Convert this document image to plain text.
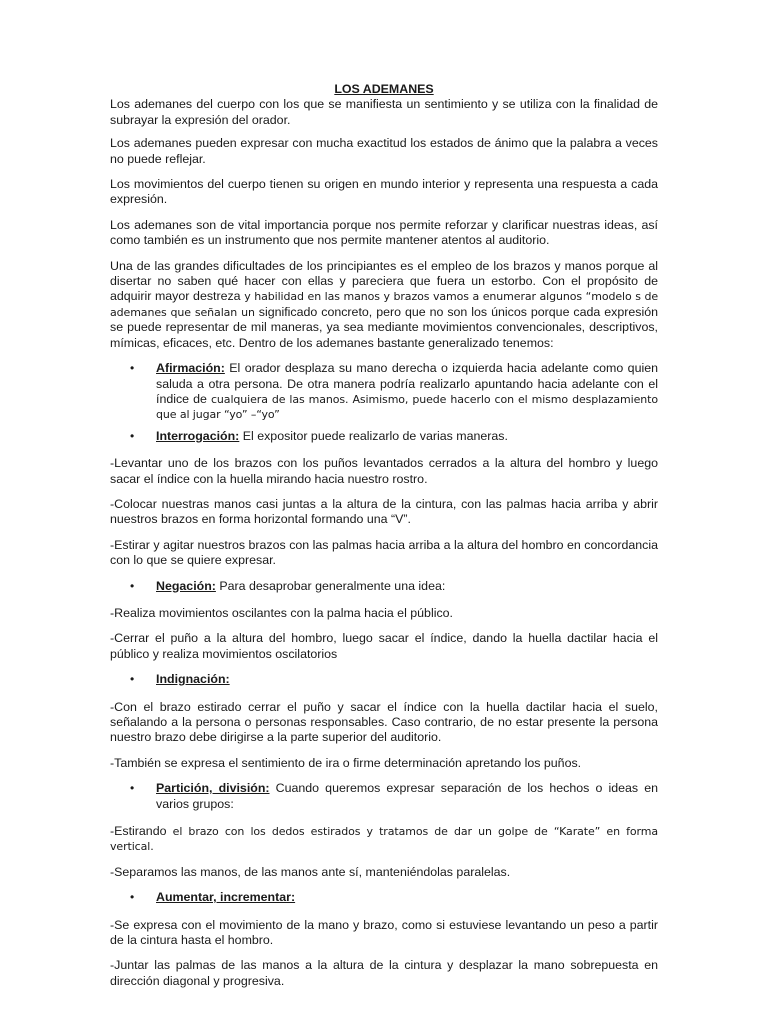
LOS ADEMANES

Los ademanes del cuerpo con los que se manifiesta un sentimiento y se utiliza con la finalidad de subrayar la expresión del orador.

Los ademanes pueden expresar con mucha exactitud los estados de ánimo que la palabra a veces no puede reflejar.

Los movimientos del cuerpo tienen su origen en mundo interior y representa una respuesta a cada expresión.

Los ademanes son de vital importancia porque nos permite reforzar y clarificar nuestras ideas, así como también es un instrumento que nos permite mantener atentos al auditorio.

Una de las grandes dificultades de los principiantes es el empleo de los brazos y manos porque al disertar no saben qué hacer con ellas y pareciera que fuera un estorbo. Con el propósito de adquirir mayor destreza y habilidad en las manos y brazos vamos a enumerar algunos “modelo s de ademanes que señalan un significado concreto, pero que no son los únicos porque cada expresión se puede representar de mil maneras, ya sea mediante movimientos convencionales, descriptivos, mímicas, eficaces, etc. Dentro de los ademanes bastante generalizado tenemos:

• Afirmación: El orador desplaza su mano derecha o izquierda hacia adelante como quien saluda a otra persona. De otra manera podría realizarlo apuntando hacia adelante con el índice de cualquiera de las manos. Asimismo, puede hacerlo con el mismo desplazamiento que al jugar “yo” –“yo”
• Interrogación: El expositor puede realizarlo de varias maneras.

-Levantar uno de los brazos con los puños levantados cerrados a la altura del hombro y luego sacar el índice con la huella mirando hacia nuestro rostro.

-Colocar nuestras manos casi juntas a la altura de la cintura, con las palmas hacia arriba y abrir nuestros brazos en forma horizontal formando una “V”.

-Estirar y agitar nuestros brazos con las palmas hacia arriba a la altura del hombro en concordancia con lo que se quiere expresar.

• Negación: Para desaprobar generalmente una idea:

-Realiza movimientos oscilantes con la palma hacia el público.

-Cerrar el puño a la altura del hombro, luego sacar el índice, dando la huella dactilar hacia el público y realiza movimientos oscilatorios

• Indignación:

-Con el brazo estirado cerrar el puño y sacar el índice con la huella dactilar hacia el suelo, señalando a la persona o personas responsables. Caso contrario, de no estar presente la persona nuestro brazo debe dirigirse a la parte superior del auditorio.

-También se expresa el sentimiento de ira o firme determinación apretando los puños.

• Partición, división: Cuando queremos expresar separación de los hechos o ideas en varios grupos:

-Estirando el brazo con los dedos estirados y tratamos de dar un golpe de “Karate” en forma vertical.

-Separamos las manos, de las manos ante sí, manteniéndolas paralelas.

• Aumentar, incrementar:

-Se expresa con el movimiento de la mano y brazo, como si estuviese levantando un peso a partir de la cintura hasta el hombro.

-Juntar las palmas de las manos a la altura de la cintura y desplazar la mano sobrepuesta en dirección diagonal y progresiva.
